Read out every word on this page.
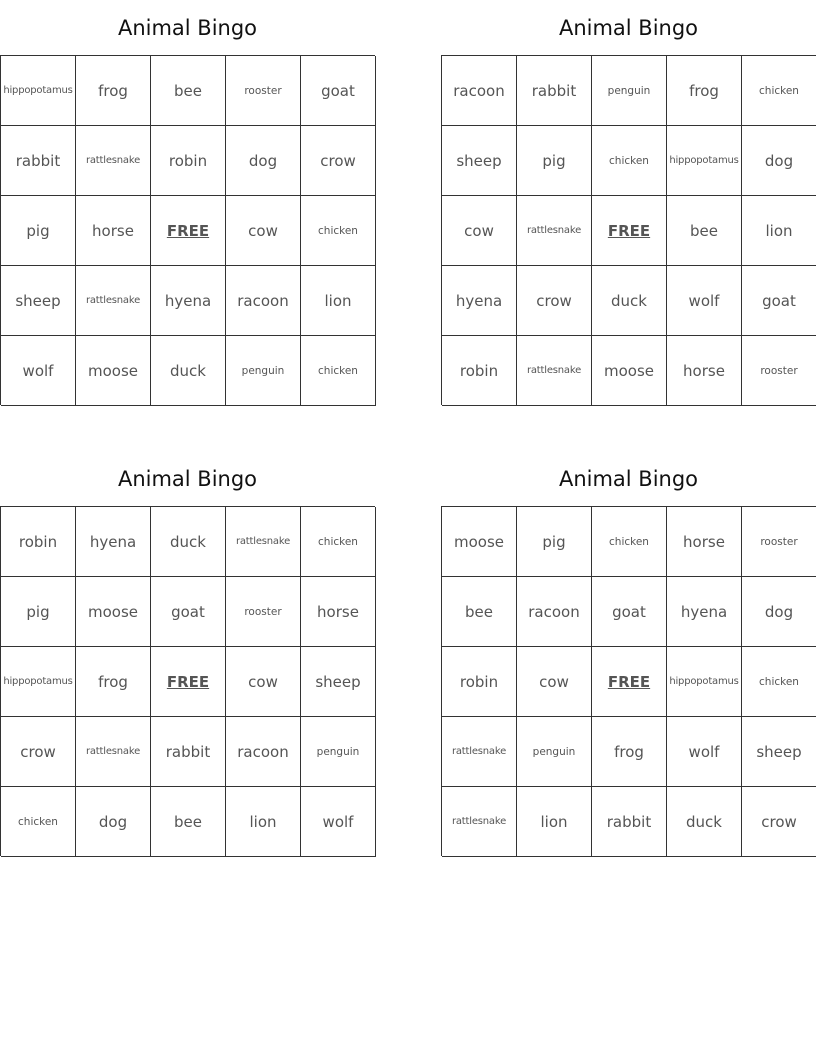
Animal Bingo
hippopotamus	frog	bee	rooster	goat
rabbit	rattlesnake	robin	dog	crow
pig	horse	FREE	cow	chicken
sheep	rattlesnake	hyena	racoon	lion
wolf	moose	duck	penguin	chicken
Animal Bingo
racoon	rabbit	penguin	frog	chicken
sheep	pig	chicken	hippopotamus	dog
cow	rattlesnake	FREE	bee	lion
hyena	crow	duck	wolf	goat
robin	rattlesnake	moose	horse	rooster
Animal Bingo
robin	hyena	duck	rattlesnake	chicken
pig	moose	goat	rooster	horse
hippopotamus	frog	FREE	cow	sheep
crow	rattlesnake	rabbit	racoon	penguin
chicken	dog	bee	lion	wolf
Animal Bingo
moose	pig	chicken	horse	rooster
bee	racoon	goat	hyena	dog
robin	cow	FREE	hippopotamus	chicken
rattlesnake	penguin	frog	wolf	sheep
rattlesnake	lion	rabbit	duck	crow
